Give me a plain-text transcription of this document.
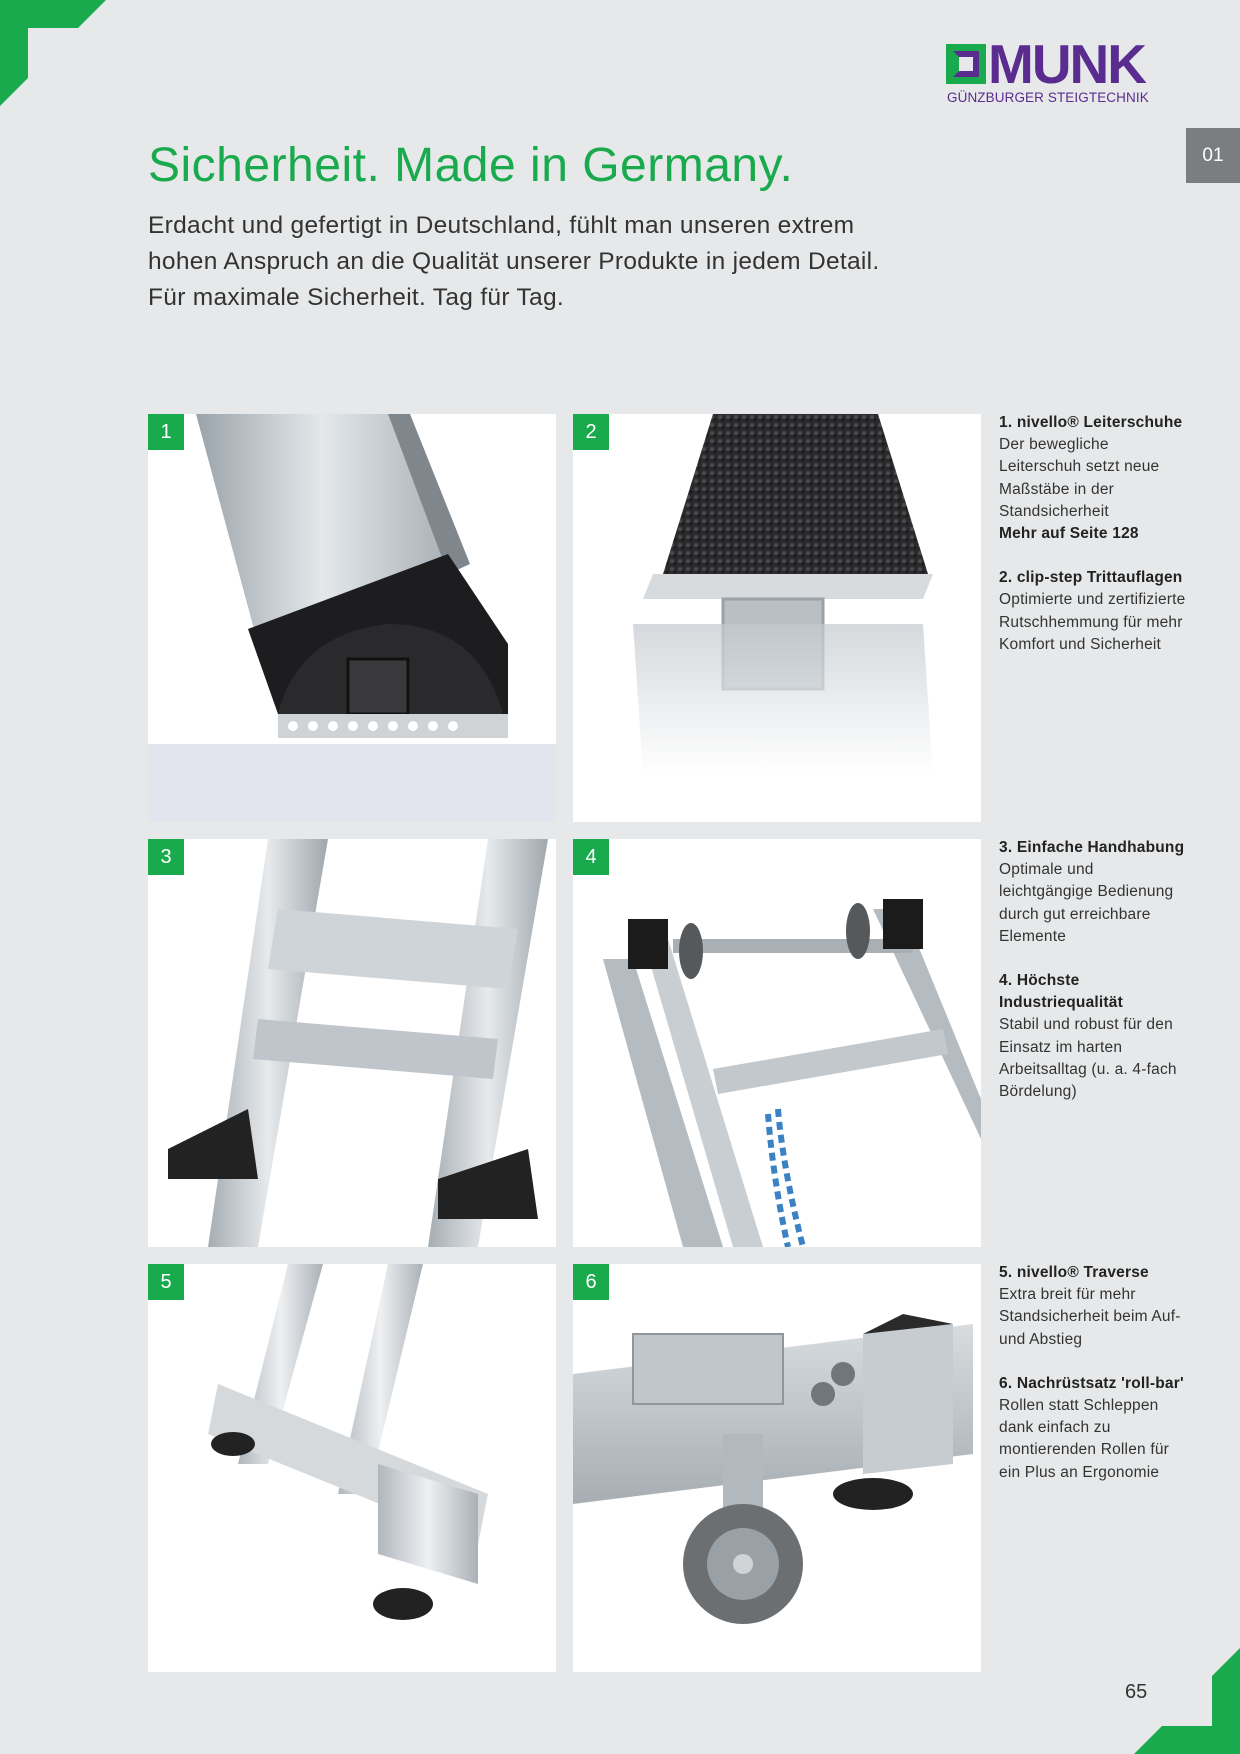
MUNK
GÜNZBURGER STEIGTECHNIK
01
Sicherheit. Made in Germany.

Erdacht und gefertigt in Deutschland, fühlt man unseren extrem hohen Anspruch an die Qualität unserer Produkte in jedem Detail. Für maximale Sicherheit. Tag für Tag.

1	2
3	4
5	6
1. nivello® Leiterschuhe
Der bewegliche Leiterschuh setzt neue Maßstäbe in der Standsicherheit
Mehr auf Seite 128
2. clip-step Trittauflagen
Optimierte und zertifizierte Rutschhemmung für mehr Komfort und Sicherheit
3. Einfache Handhabung
Optimale und leichtgängige Bedienung durch gut erreichbare Elemente
4. Höchste Industriequalität
Stabil und robust für den Einsatz im harten Arbeitsalltag (u. a. 4-fach Bördelung)
5. nivello® Traverse
Extra breit für mehr Standsicherheit beim Auf- und Abstieg
6. Nachrüstsatz 'roll-bar'
Rollen statt Schleppen dank einfach zu montierenden Rollen für ein Plus an Ergonomie
65
